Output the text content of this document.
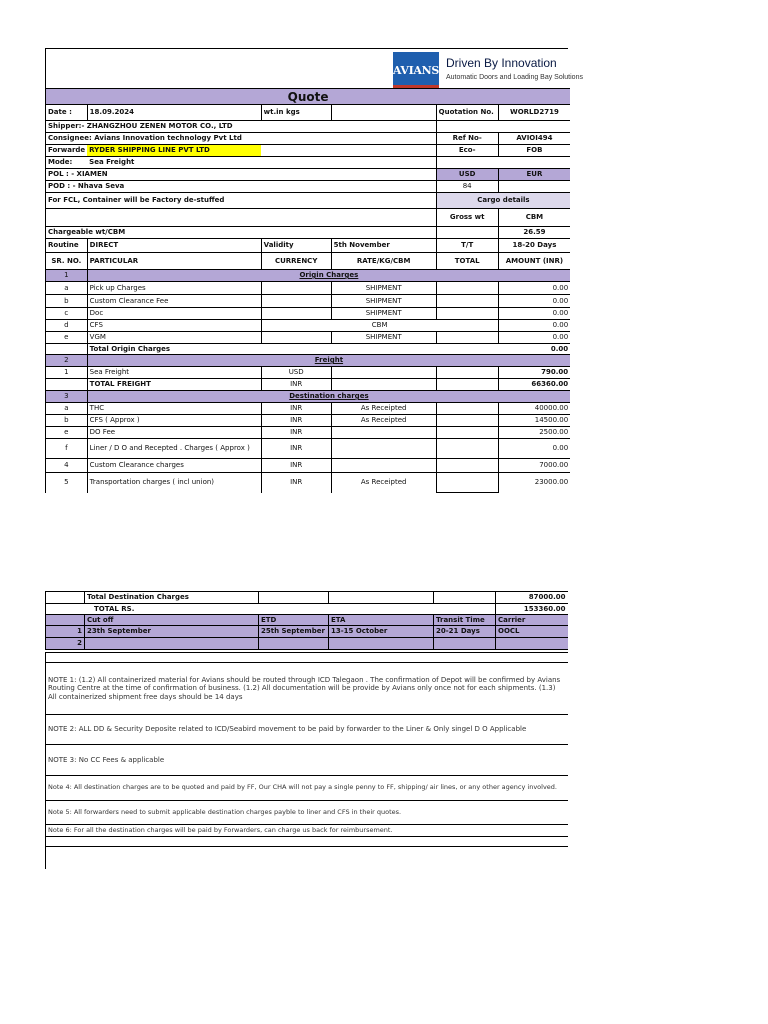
AVIANS Driven By Innovation
Automatic Doors and Loading Bay Solutions
Quote					
Date :	18.09.2024	wt.in kgs		Quotation No.	WORLD2719
Shipper:- ZHANGZHOU ZENEN MOTOR CO., LTD					
Consignee: Avians Innovation technology Pvt Ltd				Ref No-	AVIOI494
Forwarde	RYDER SHIPPING LINE PVT LTD			Eco-	FOB
Mode:	Sea Freight				
POL : - XIAMEN				USD	EUR
POD : - Nhava Seva				84	
For FCL, Container will be Factory de-stuffed				Cargo details	
				Gross wt	CBM
Chargeable wt/CBM					26.59
Routine	DIRECT	Validity	5th November	T/T	18-20 Days
SR. NO.	PARTICULAR	CURRENCY	RATE/KG/CBM	TOTAL	AMOUNT (INR)
1	Origin Charges				
a	Pick up Charges		SHIPMENT		0.00
b	Custom Clearance Fee		SHIPMENT		0.00
c	Doc		SHIPMENT		0.00
d	CFS	CBM			0.00
e	VGM		SHIPMENT		0.00
	Total Origin Charges				0.00
2	Freight				
1	Sea Freight	USD			790.00
	TOTAL FREIGHT	INR			66360.00
3	Destination charges				
a	THC	INR	As Receipted		40000.00
b	CFS ( Approx )	INR	As Receipted		14500.00
e	DO Fee	INR			2500.00
f	Liner / D O and Recepted . Charges ( Approx )	INR			0.00
4	Custom Clearance charges	INR			7000.00
5	Transportation charges ( incl union)	INR	As Receipted		23000.00
	Total Destination Charges				87000.00
TOTAL RS.					153360.00
	Cut off	ETD	ETA	Transit Time	Carrier
1	23th September	25th September	13-15 October	20-21 Days	OOCL
2					

NOTE 1: (1.2) All containerized material for Avians should be routed through ICD Talegaon . The confirmation of Depot will be confirmed by Avians Routing Centre at the time of confirmation of business. (1.2) All documentation will be provide by Avians only once not for each shipments. (1.3) All containerized shipment free days should be 14 days
NOTE 2: ALL DD & Security Deposite related to ICD/Seabird movement to be paid by forwarder to the Liner & Only singel D O Applicable
NOTE 3: No CC Fees & applicable
Note 4: All destination charges are to be quoted and paid by FF, Our CHA will not pay a single penny to FF, shipping/ air lines, or any other agency involved.
Note 5: All forwarders need to submit applicable destination charges payble to liner and CFS in their quotes.
Note 6: For all the destination charges will be paid by Forwarders, can charge us back for reimbursement.
